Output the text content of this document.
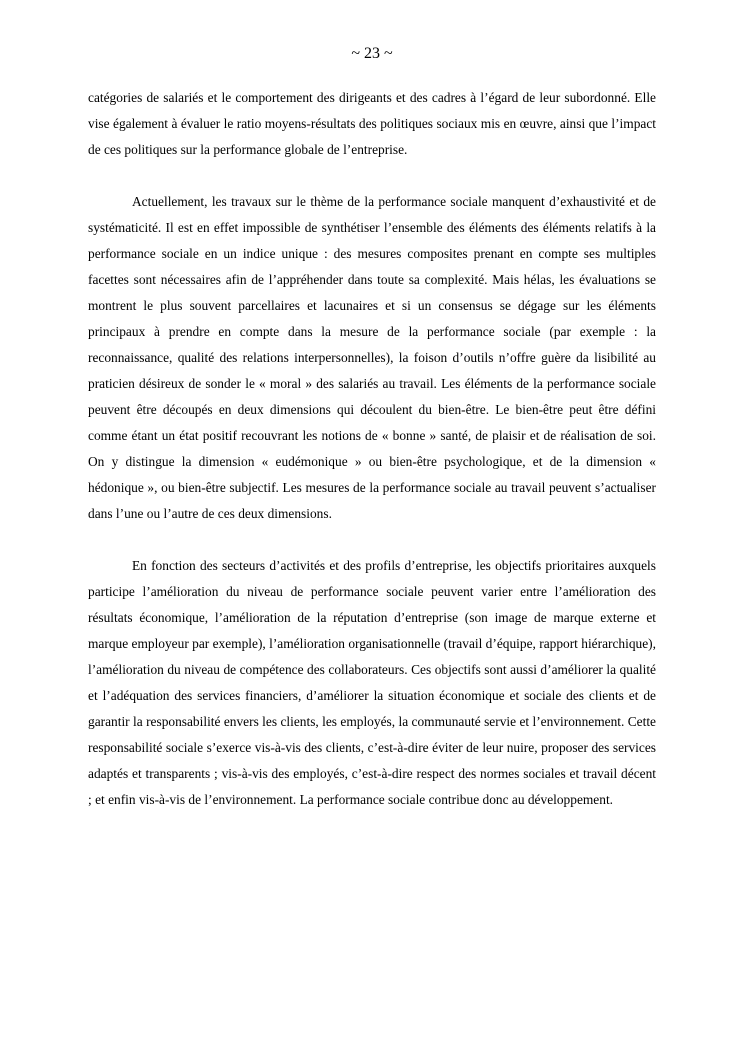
~ 23 ~

catégories de salariés et le comportement des dirigeants et des cadres à l’égard de leur subordonné. Elle vise également à évaluer le ratio moyens-résultats des politiques sociaux mis en œuvre, ainsi que l’impact de ces politiques sur la performance globale de l’entreprise.

Actuellement, les travaux sur le thème de la performance sociale manquent d’exhaustivité et de systématicité. Il est en effet impossible de synthétiser l’ensemble des éléments des éléments relatifs à la performance sociale en un indice unique : des mesures composites prenant en compte ses multiples facettes sont nécessaires afin de l’appréhender dans toute sa complexité. Mais hélas, les évaluations se montrent le plus souvent parcellaires et lacunaires et si un consensus se dégage sur les éléments principaux à prendre en compte dans la mesure de la performance sociale (par exemple : la reconnaissance, qualité des relations interpersonnelles), la foison d’outils n’offre guère da lisibilité au praticien désireux de sonder le « moral » des salariés au travail. Les éléments de la performance sociale peuvent être découpés en deux dimensions qui découlent du bien-être. Le bien-être peut être défini comme étant un état positif recouvrant les notions de « bonne » santé, de plaisir et de réalisation de soi. On y distingue la dimension « eudémonique » ou bien-être psychologique, et de la dimension « hédonique », ou bien-être subjectif. Les mesures de la performance sociale au travail peuvent s’actualiser dans l’une ou l’autre de ces deux dimensions.

En fonction des secteurs d’activités et des profils d’entreprise, les objectifs prioritaires auxquels participe l’amélioration du niveau de performance sociale peuvent varier entre l’amélioration des résultats économique, l’amélioration de la réputation d’entreprise (son image de marque externe et marque employeur par exemple), l’amélioration organisationnelle (travail d’équipe, rapport hiérarchique), l’amélioration du niveau de compétence des collaborateurs. Ces objectifs sont aussi d’améliorer la qualité et l’adéquation des services financiers, d’améliorer la situation économique et sociale des clients et de garantir la responsabilité envers les clients, les employés, la communauté servie et l’environnement. Cette responsabilité sociale s’exerce vis-à-vis des clients, c’est-à-dire éviter de leur nuire, proposer des services adaptés et transparents ; vis-à-vis des employés, c’est-à-dire respect des normes sociales et travail décent ; et enfin vis-à-vis de l’environnement. La performance sociale contribue donc au développement.
